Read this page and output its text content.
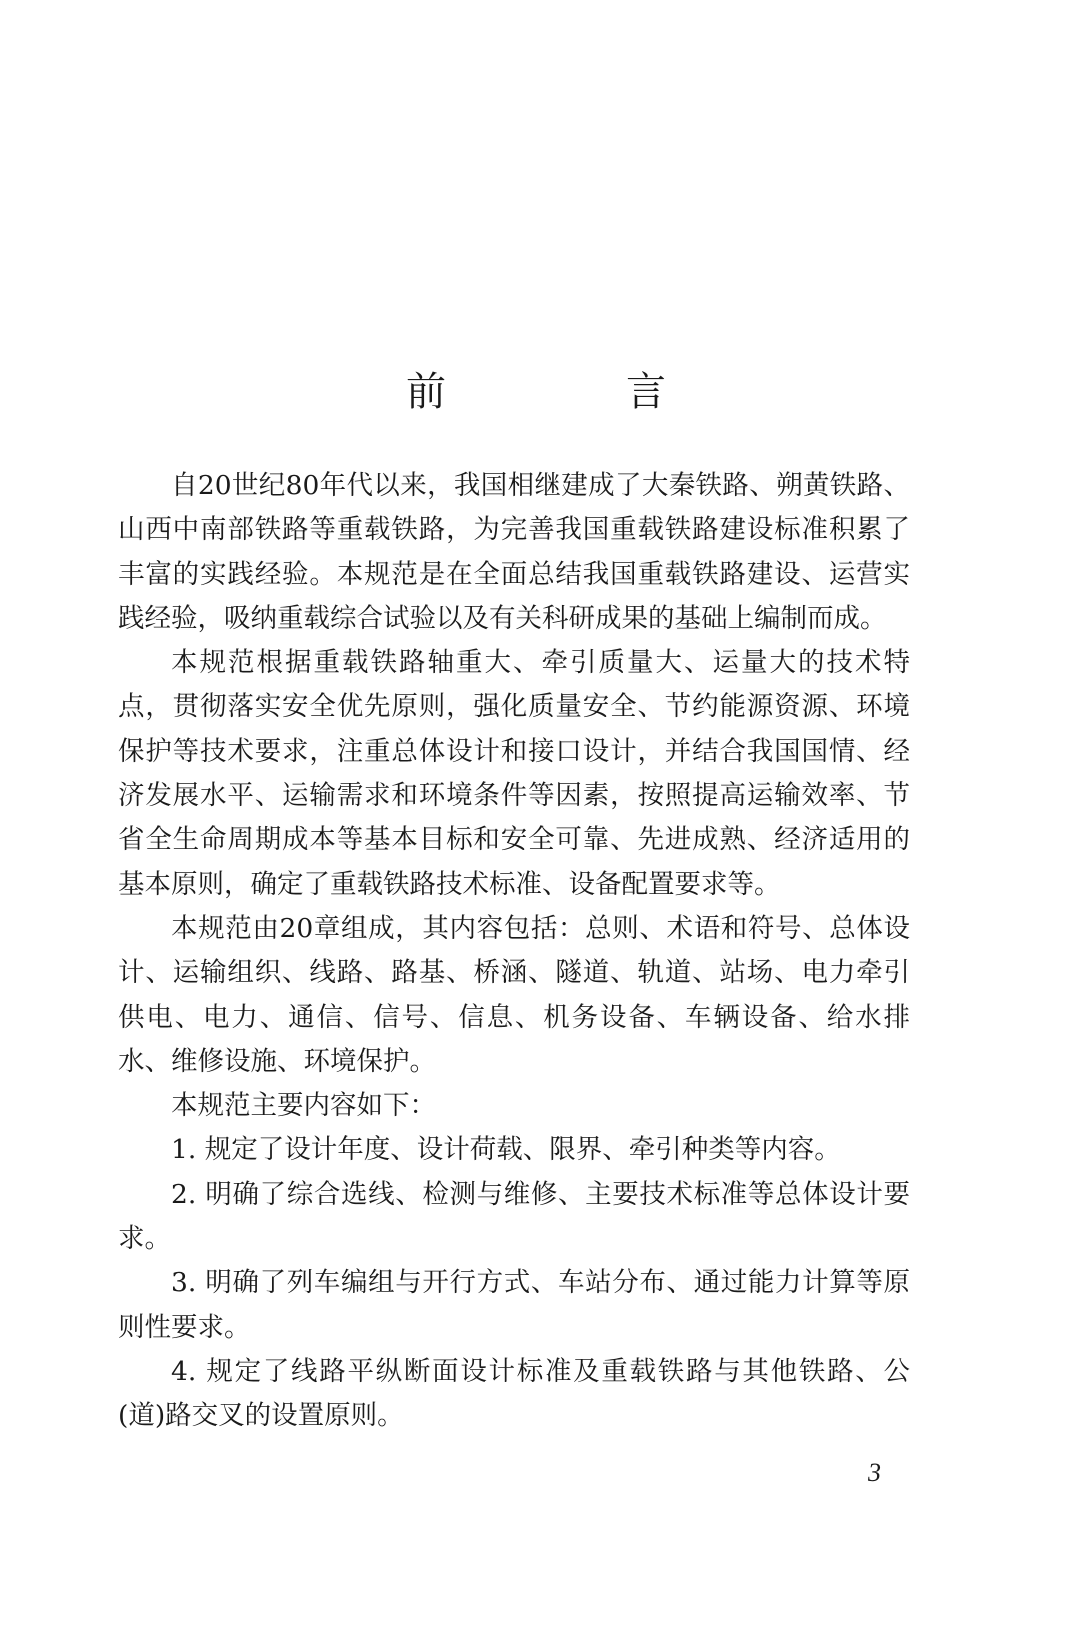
前　言

自20世纪80年代以来，我国相继建成了大秦铁路、朔黄铁路、山西中南部铁路等重载铁路，为完善我国重载铁路建设标准积累了丰富的实践经验。本规范是在全面总结我国重载铁路建设、运营实践经验，吸纳重载综合试验以及有关科研成果的基础上编制而成。

本规范根据重载铁路轴重大、牵引质量大、运量大的技术特点，贯彻落实安全优先原则，强化质量安全、节约能源资源、环境保护等技术要求，注重总体设计和接口设计，并结合我国国情、经济发展水平、运输需求和环境条件等因素，按照提高运输效率、节省全生命周期成本等基本目标和安全可靠、先进成熟、经济适用的基本原则，确定了重载铁路技术标准、设备配置要求等。

本规范由20章组成，其内容包括：总则、术语和符号、总体设计、运输组织、线路、路基、桥涵、隧道、轨道、站场、电力牵引供电、电力、通信、信号、信息、机务设备、车辆设备、给水排水、维修设施、环境保护。

本规范主要内容如下：

1. 规定了设计年度、设计荷载、限界、牵引种类等内容。

2. 明确了综合选线、检测与维修、主要技术标准等总体设计要求。

3. 明确了列车编组与开行方式、车站分布、通过能力计算等原则性要求。

4. 规定了线路平纵断面设计标准及重载铁路与其他铁路、公(道)路交叉的设置原则。

3
